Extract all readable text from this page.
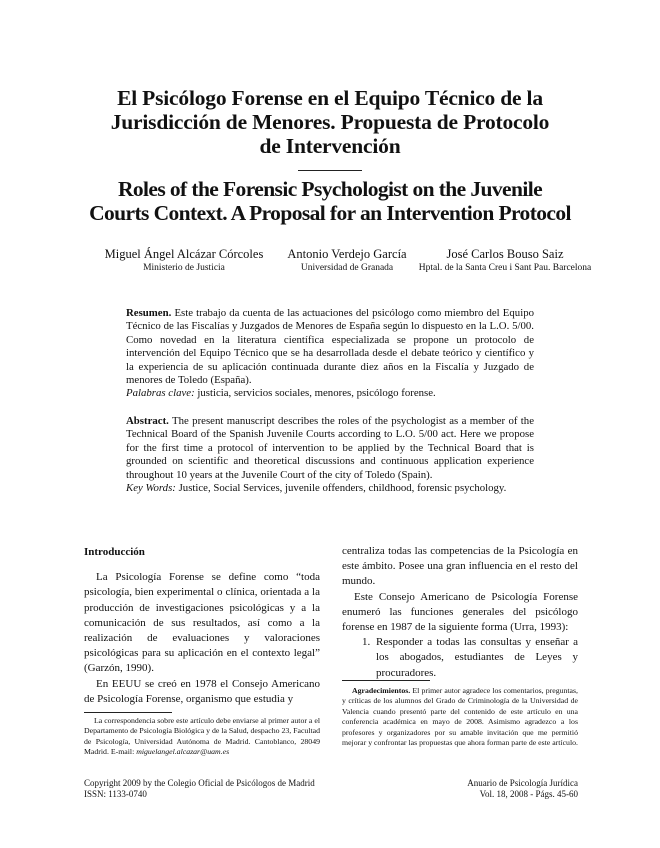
El Psicólogo Forense en el Equipo Técnico de la
Jurisdicción de Menores. Propuesta de Protocolo
de Intervención
Roles of the Forensic Psychologist on the Juvenile
Courts Context. A Proposal for an Intervention Protocol
Miguel Ángel Alcázar Córcoles
Ministerio de Justicia
Antonio Verdejo García
Universidad de Granada
José Carlos Bouso Saiz
Hptal. de la Santa Creu i Sant Pau. Barcelona
Resumen. Este trabajo da cuenta de las actuaciones del psicólogo como miembro del Equipo Técnico de las Fiscalías y Juzgados de Menores de España según lo dispuesto en la L.O. 5/00. Como novedad en la literatura científica especializada se propone un protocolo de intervención del Equipo Técnico que se ha desarrollada desde el debate teórico y científico y la experiencia de su aplicación continuada durante diez años en la Fiscalía y Juzgado de menores de Toledo (España).
Palabras clave: justicia, servicios sociales, menores, psicólogo forense.
Abstract. The present manuscript describes the roles of the psychologist as a member of the Technical Board of the Spanish Juvenile Courts according to L.O. 5/00 act. Here we propose for the first time a protocol of intervention to be applied by the Technical Board that is grounded on scientific and theoretical discussions and continuous application experience throughout 10 years at the Juvenile Court of the city of Toledo (Spain).
Key Words: Justice, Social Services, juvenile offenders, childhood, forensic psychology.
Introducción
La Psicología Forense se define como “toda psicología, bien experimental o clínica, orientada a la producción de investigaciones psicológicas y a la comunicación de sus resultados, así como a la realización de evaluaciones y valoraciones psicológicas para su aplicación en el contexto legal” (Garzón, 1990).
En EEUU se creó en 1978 el Consejo Americano de Psicología Forense, organismo que estudia y
La correspondencia sobre este artículo debe enviarse al primer autor a el Departamento de Psicología Biológica y de la Salud, despacho 23, Facultad de Psicología, Universidad Autónoma de Madrid. Cantoblanco, 28049 Madrid. E-mail: miguelangel.alcazar@uam.es
centraliza todas las competencias de la Psicología en este ámbito. Posee una gran influencia en el resto del mundo.
Este Consejo Americano de Psicología Forense enumeró las funciones generales del psicólogo forense en 1987 de la siguiente forma (Urra, 1993):
1. Responder a todas las consultas y enseñar a los abogados, estudiantes de Leyes y procuradores.
Agradecimientos. El primer autor agradece los comentarios, preguntas, y críticas de los alumnos del Grado de Criminología de la Universidad de Valencia cuando presentó parte del contenido de este artículo en una conferencia académica en mayo de 2008. Asimismo agradezco a los profesores y organizadores por su amable invitación que me permitió mejorar y confrontar las propuestas que ahora forman parte de este artículo.
Copyright 2009 by the Colegio Oficial de Psicólogos de Madrid
ISSN: 1133-0740
Anuario de Psicología Jurídica
Vol. 18, 2008 - Págs. 45-60
